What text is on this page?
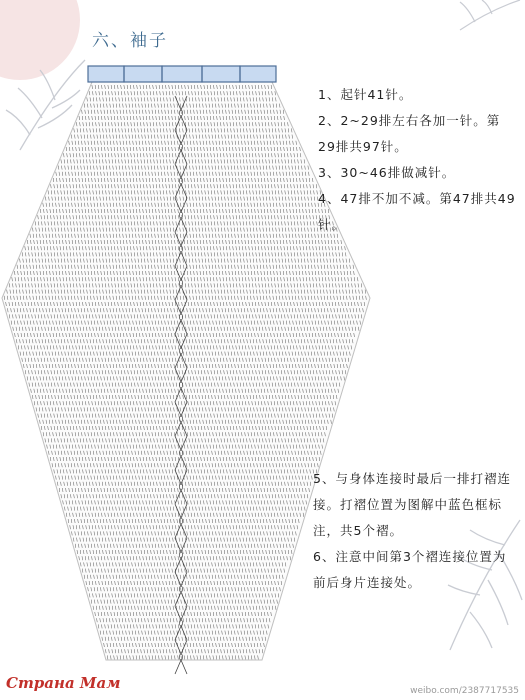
六、袖子

1、起针41针。

2、2~29排左右各加一针。第29排共97针。

3、30~46排做减针。

4、47排不加不减。第47排共49针。

5、与身体连接时最后一排打褶连接。打褶位置为图解中蓝色框标注，共5个褶。

6、注意中间第3个褶连接位置为前后身片连接处。

Страна Мам	weibo.com/2387717535
